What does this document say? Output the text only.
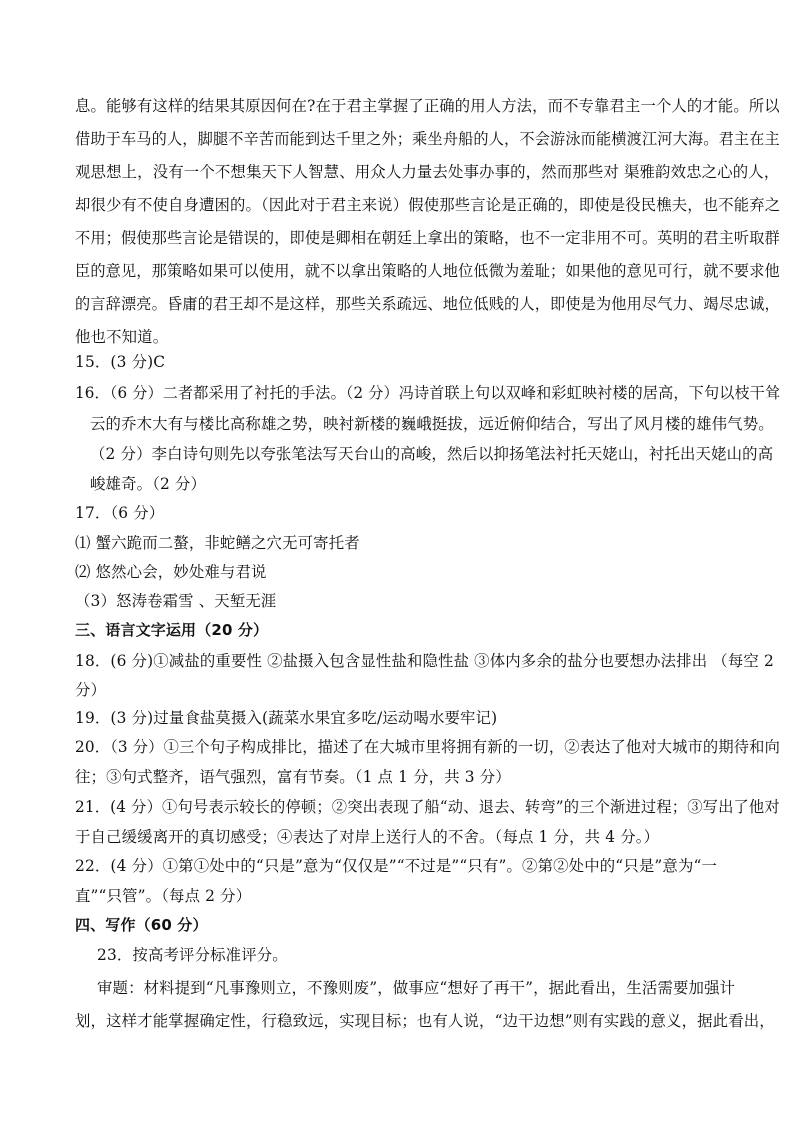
息。能够有这样的结果其原因何在?在于君主掌握了正确的用人方法，而不专靠君主一个人的才能。所以
借助于车马的人，脚腿不辛苦而能到达千里之外；乘坐舟船的人，不会游泳而能横渡江河大海。君主在主
观思想上，没有一个不想集天下人智慧、用众人力量去处事办事的，然而那些对 渠雅韵效忠之心的人，
却很少有不使自身遭困的。（因此对于君主来说）假使那些言论是正确的，即使是役民樵夫，也不能弃之
不用；假使那些言论是错误的，即使是卿相在朝廷上拿出的策略，也不一定非用不可。英明的君主听取群
臣的意见，那策略如果可以使用，就不以拿出策略的人地位低微为羞耻；如果他的意见可行，就不要求他
的言辞漂亮。昏庸的君王却不是这样，那些关系疏远、地位低贱的人，即使是为他用尽气力、竭尽忠诚，
他也不知道。
15．(3 分)C
16．（6 分）二者都采用了衬托的手法。（2 分）冯诗首联上句以双峰和彩虹映衬楼的居高，下句以枝干耸
云的乔木大有与楼比高称雄之势，映衬新楼的巍峨挺拔，远近俯仰结合，写出了风月楼的雄伟气势。
（2 分）李白诗句则先以夸张笔法写天台山的高峻，然后以抑扬笔法衬托天姥山，衬托出天姥山的高
峻雄奇。（2 分）
17．（6 分）
⑴ 蟹六跪而二螯，非蛇鳝之穴无可寄托者
⑵ 悠然心会，妙处难与君说
（3）怒涛卷霜雪 、天堑无涯
三、语言文字运用（20 分）
18．(6 分)①减盐的重要性 ②盐摄入包含显性盐和隐性盐 ③体内多余的盐分也要想办法排出 （每空 2
分）
19．(3 分)过量食盐莫摄入(蔬菜水果宜多吃/运动喝水要牢记)
20．（3 分）①三个句子构成排比，描述了在大城市里将拥有新的一切，②表达了他对大城市的期待和向
往；③句式整齐，语气强烈，富有节奏。（1 点 1 分，共 3 分）
21．(4 分）①句号表示较长的停顿；②突出表现了船“动、退去、转弯”的三个渐进过程；③写出了他对
于自己缓缓离开的真切感受；④表达了对岸上送行人的不舍。（每点 1 分，共 4 分。）
22．(4 分）①第①处中的“只是”意为“仅仅是”“不过是”“只有”。②第②处中的“只是”意为“一
直”“只管”。（每点 2 分）
四、写作（60 分）
23．按高考评分标准评分。
审题：材料提到“凡事豫则立，不豫则废”，做事应“想好了再干”，据此看出，生活需要加强计
划，这样才能掌握确定性，行稳致远，实现目标；也有人说，“边干边想”则有实践的意义，据此看出，
